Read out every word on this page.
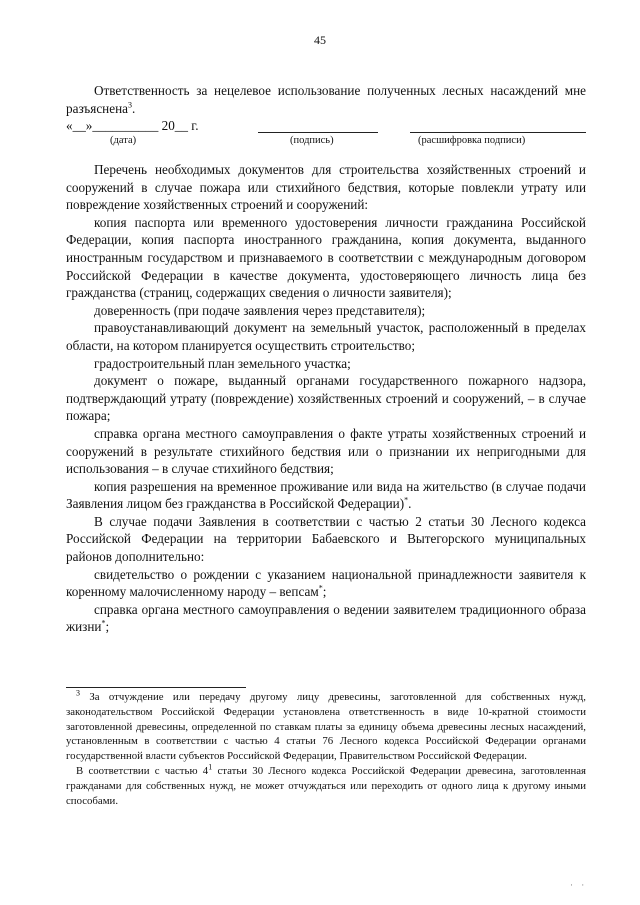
45

Ответственность за нецелевое использование полученных лесных насаждений мне разъяснена$^3$.

«__»__________ 20__ г.
(дата)	(подпись)	(расшифровка подписи)

Перечень необходимых документов для строительства хозяйственных строений и сооружений в случае пожара или стихийного бедствия, которые повлекли утрату или повреждение хозяйственных строений и сооружений:

копия паспорта или временного удостоверения личности гражданина Российской Федерации, копия паспорта иностранного гражданина, копия документа, выданного иностранным государством и признаваемого в соответствии с международным договором Российской Федерации в качестве документа, удостоверяющего личность лица без гражданства (страниц, содержащих сведения о личности заявителя);

доверенность (при подаче заявления через представителя);

правоустанавливающий документ на земельный участок, расположенный в пределах области, на котором планируется осуществить строительство;

градостроительный план земельного участка;

документ о пожаре, выданный органами государственного пожарного надзора, подтверждающий утрату (повреждение) хозяйственных строений и сооружений, – в случае пожара;

справка органа местного самоуправления о факте утраты хозяйственных строений и сооружений в результате стихийного бедствия или о признании их непригодными для использования – в случае стихийного бедствия;

копия разрешения на временное проживание или вида на жительство (в случае подачи Заявления лицом без гражданства в Российской Федерации)*.

В случае подачи Заявления в соответствии с частью 2 статьи 30 Лесного кодекса Российской Федерации на территории Бабаевского и Вытегорского муниципальных районов дополнительно:

свидетельство о рождении с указанием национальной принадлежности заявителя к коренному малочисленному народу – вепсам*;

справка органа местного самоуправления о ведении заявителем традиционного образа жизни*;

$^3$ За отчуждение или передачу другому лицу древесины, заготовленной для собственных нужд, законодательством Российской Федерации установлена ответственность в виде 10-кратной стоимости заготовленной древесины, определенной по ставкам платы за единицу объема древесины лесных насаждений, установленным в соответствии с частью 4 статьи 76 Лесного кодекса Российской Федерации органами государственной власти субъектов Российской Федерации, Правительством Российской Федерации.

В соответствии с частью $4^1$ статьи 30 Лесного кодекса Российской Федерации древесина, заготовленная гражданами для собственных нужд, не может отчуждаться или переходить от одного лица к другому иными способами.

· ·
